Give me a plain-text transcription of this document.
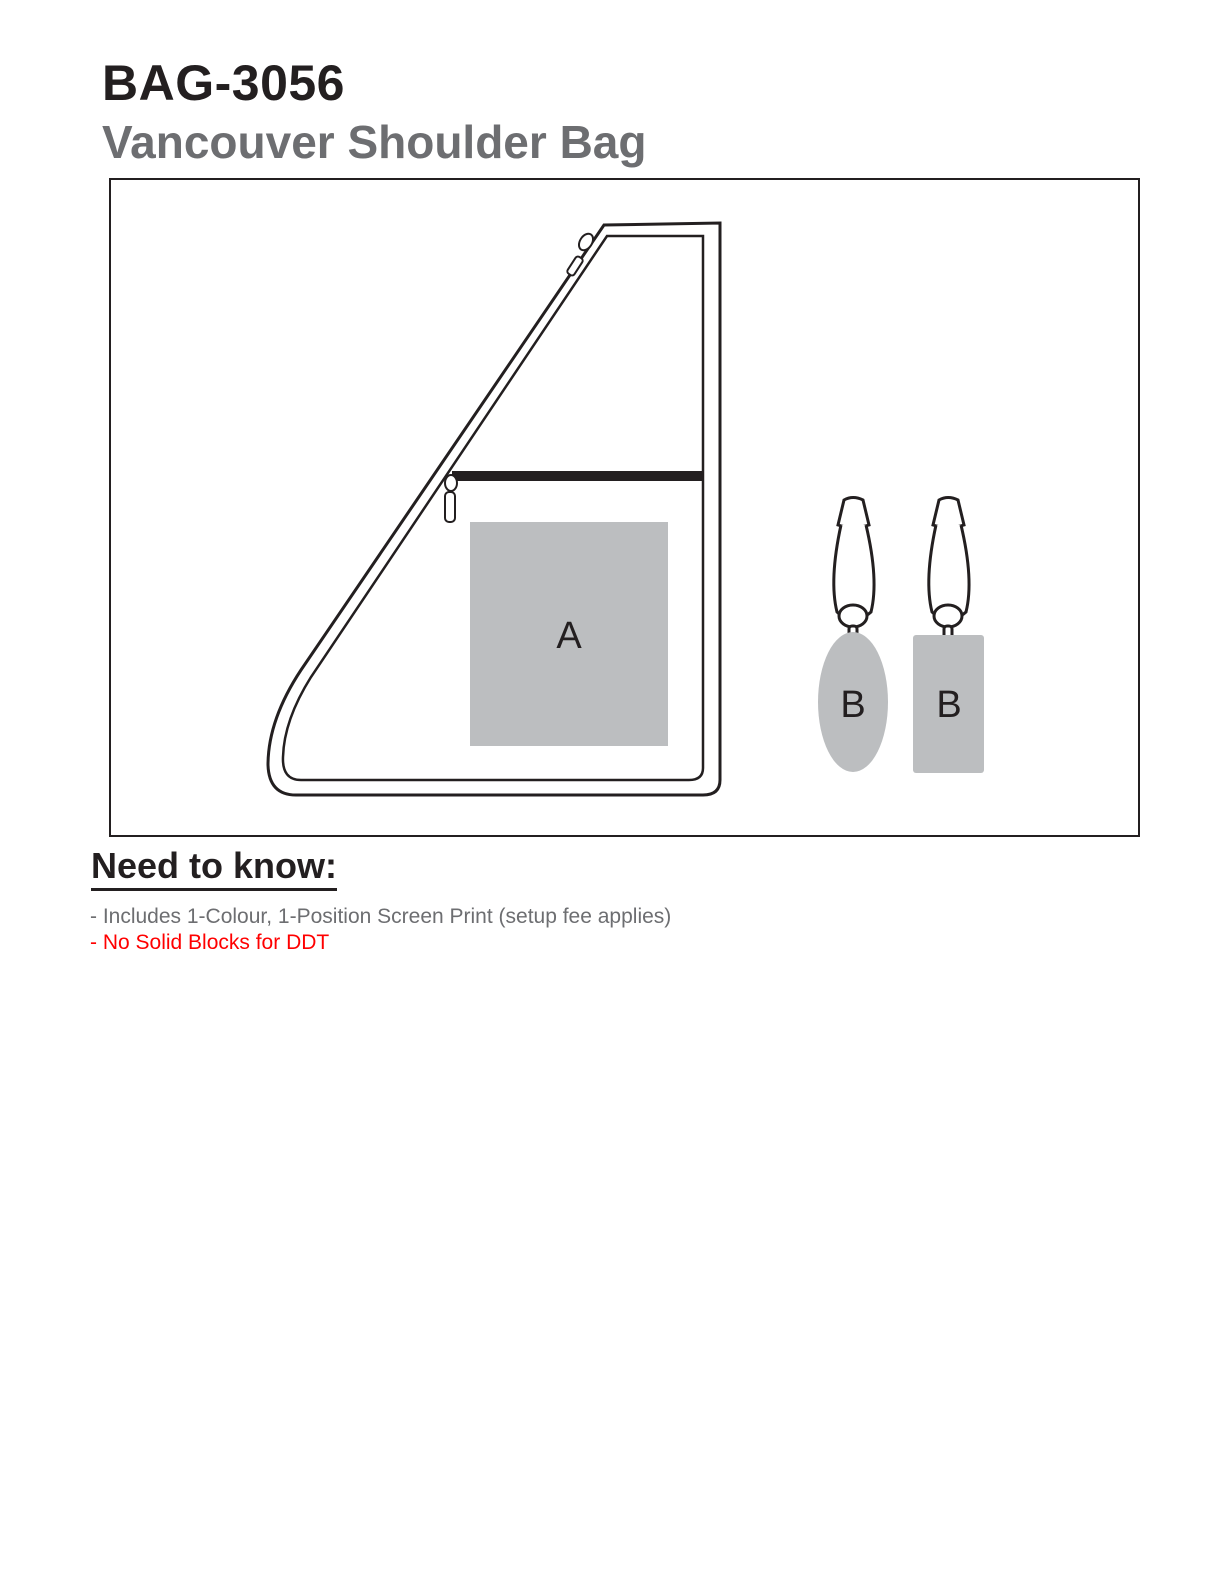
BAG-3056
Vancouver Shoulder Bag
A
B B
Need to know:
- Includes 1-Colour, 1-Position Screen Print (setup fee applies)
- No Solid Blocks for DDT
